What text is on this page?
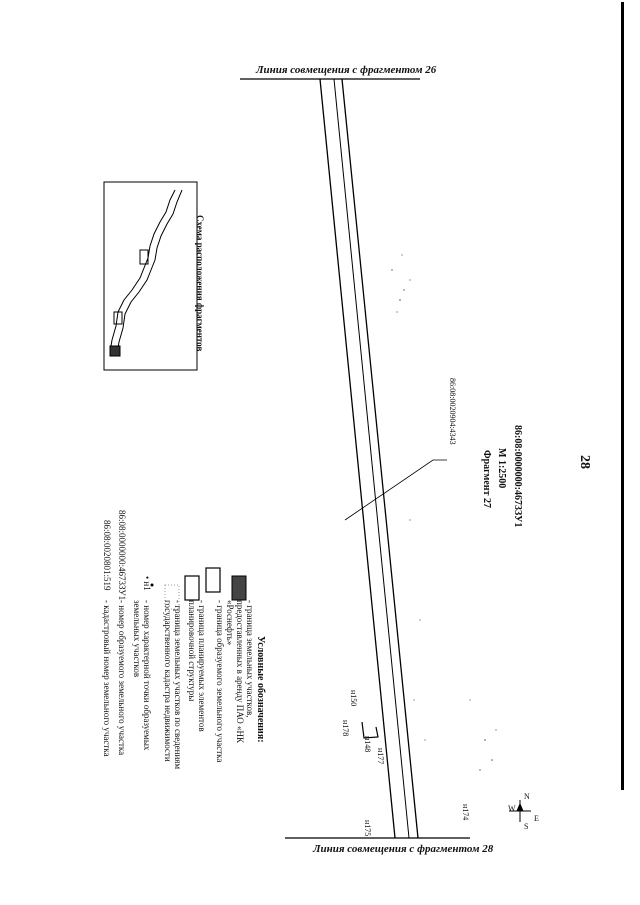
28
Линия совмещения с фрагментом 26
Линия совмещения с фрагментом 28
86:08:0000000:4673ЗУ1
М 1:2500
Фрагмент 27
86:08:0020904:4343
Схема расположения фрагментов
Условные обозначения:
- граница земельных участков, предоставленных в аренду ПАО «НК «Роснефть»
- граница образуемого земельного участка
- граница планируемых элементов планировочной структуры
- граница земельных участков по сведениям государственного кадастра недвижимости
• н1
- номер характерной точки образуемых земельных участков
86:08:0000000:4673ЗУ1
- номер образуемого земельного участка
86:08:0020801:519
- кадастровый номер земельного участка	н150
н178
н148
н177
н174
н175
N
S
W
E
